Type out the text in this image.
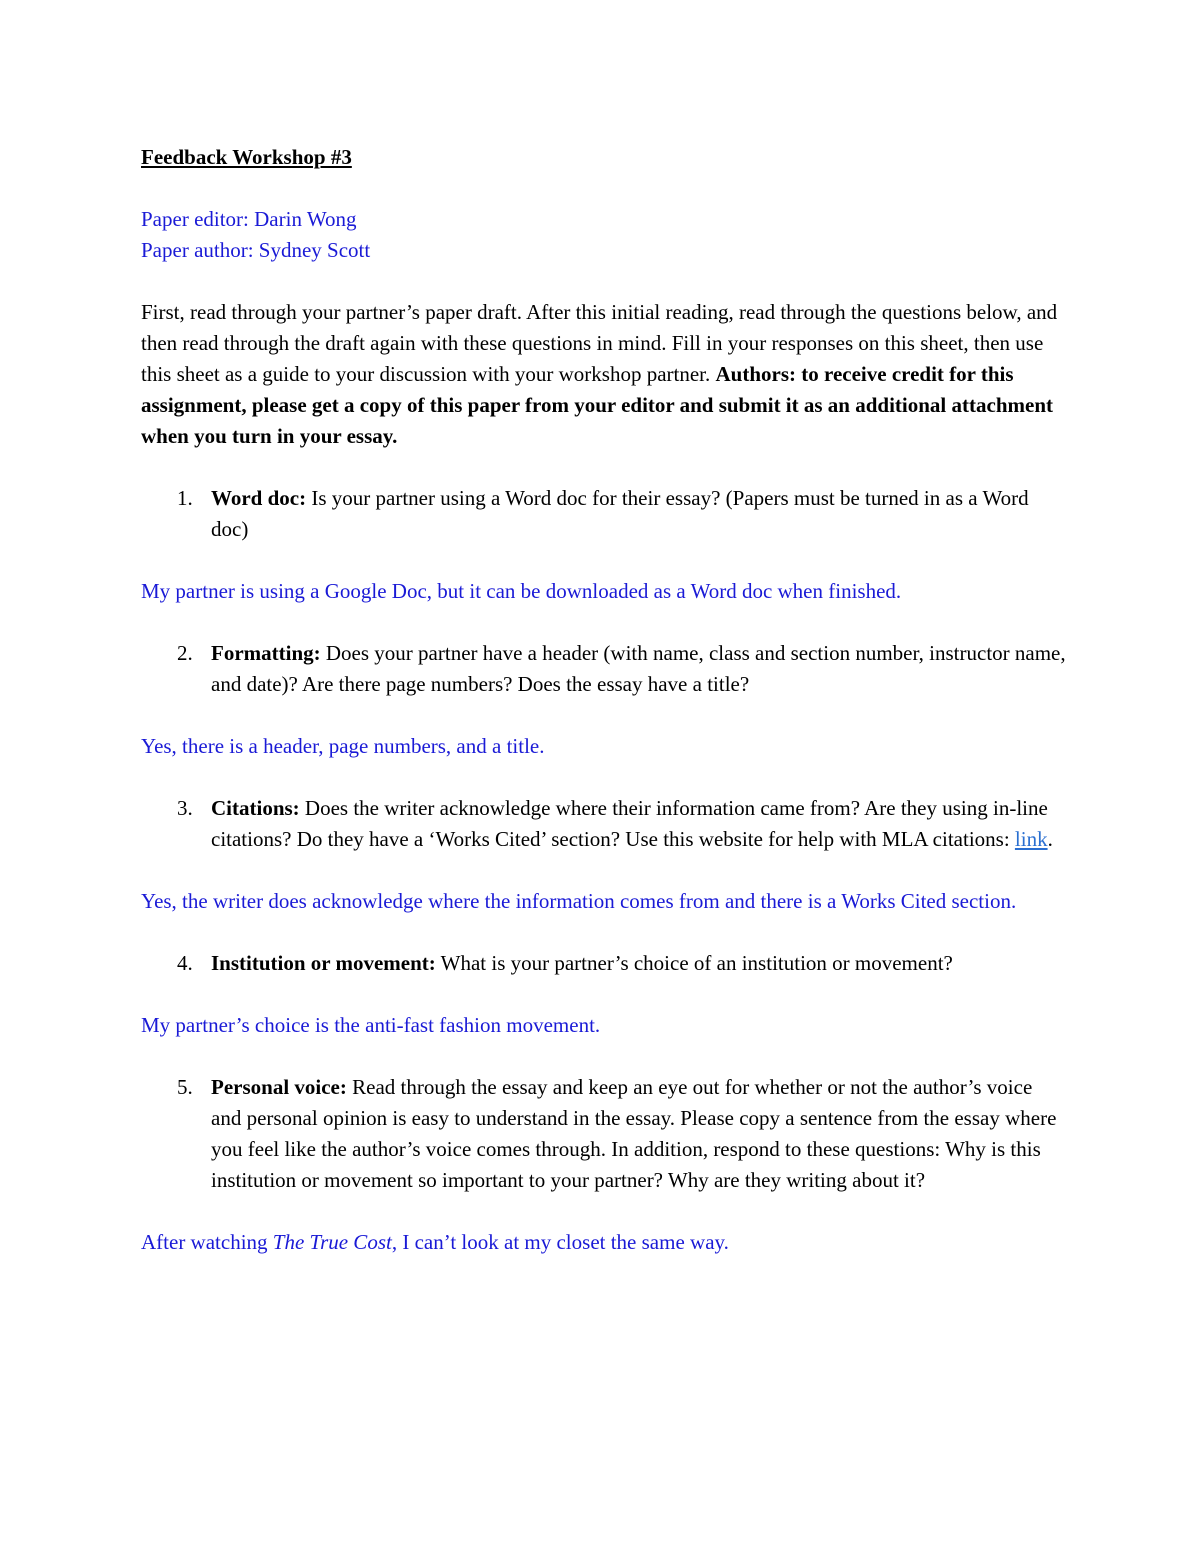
Feedback Workshop #3

Paper editor: Darin Wong

Paper author: Sydney Scott

First, read through your partner’s paper draft. After this initial reading, read through the questions below, and then read through the draft again with these questions in mind. Fill in your responses on this sheet, then use this sheet as a guide to your discussion with your workshop partner. Authors: to receive credit for this assignment, please get a copy of this paper from your editor and submit it as an additional attachment when you turn in your essay.

1. Word doc: Is your partner using a Word doc for their essay? (Papers must be turned in as a Word doc)

My partner is using a Google Doc, but it can be downloaded as a Word doc when finished.

2. Formatting: Does your partner have a header (with name, class and section number, instructor name, and date)? Are there page numbers? Does the essay have a title?

Yes, there is a header, page numbers, and a title.

3. Citations: Does the writer acknowledge where their information came from? Are they using in-line citations? Do they have a ‘Works Cited’ section? Use this website for help with MLA citations: link.

Yes, the writer does acknowledge where the information comes from and there is a Works Cited section.

4. Institution or movement: What is your partner’s choice of an institution or movement?

My partner’s choice is the anti-fast fashion movement.

5. Personal voice: Read through the essay and keep an eye out for whether or not the author’s voice and personal opinion is easy to understand in the essay. Please copy a sentence from the essay where you feel like the author’s voice comes through. In addition, respond to these questions: Why is this institution or movement so important to your partner? Why are they writing about it?

After watching The True Cost, I can’t look at my closet the same way.
